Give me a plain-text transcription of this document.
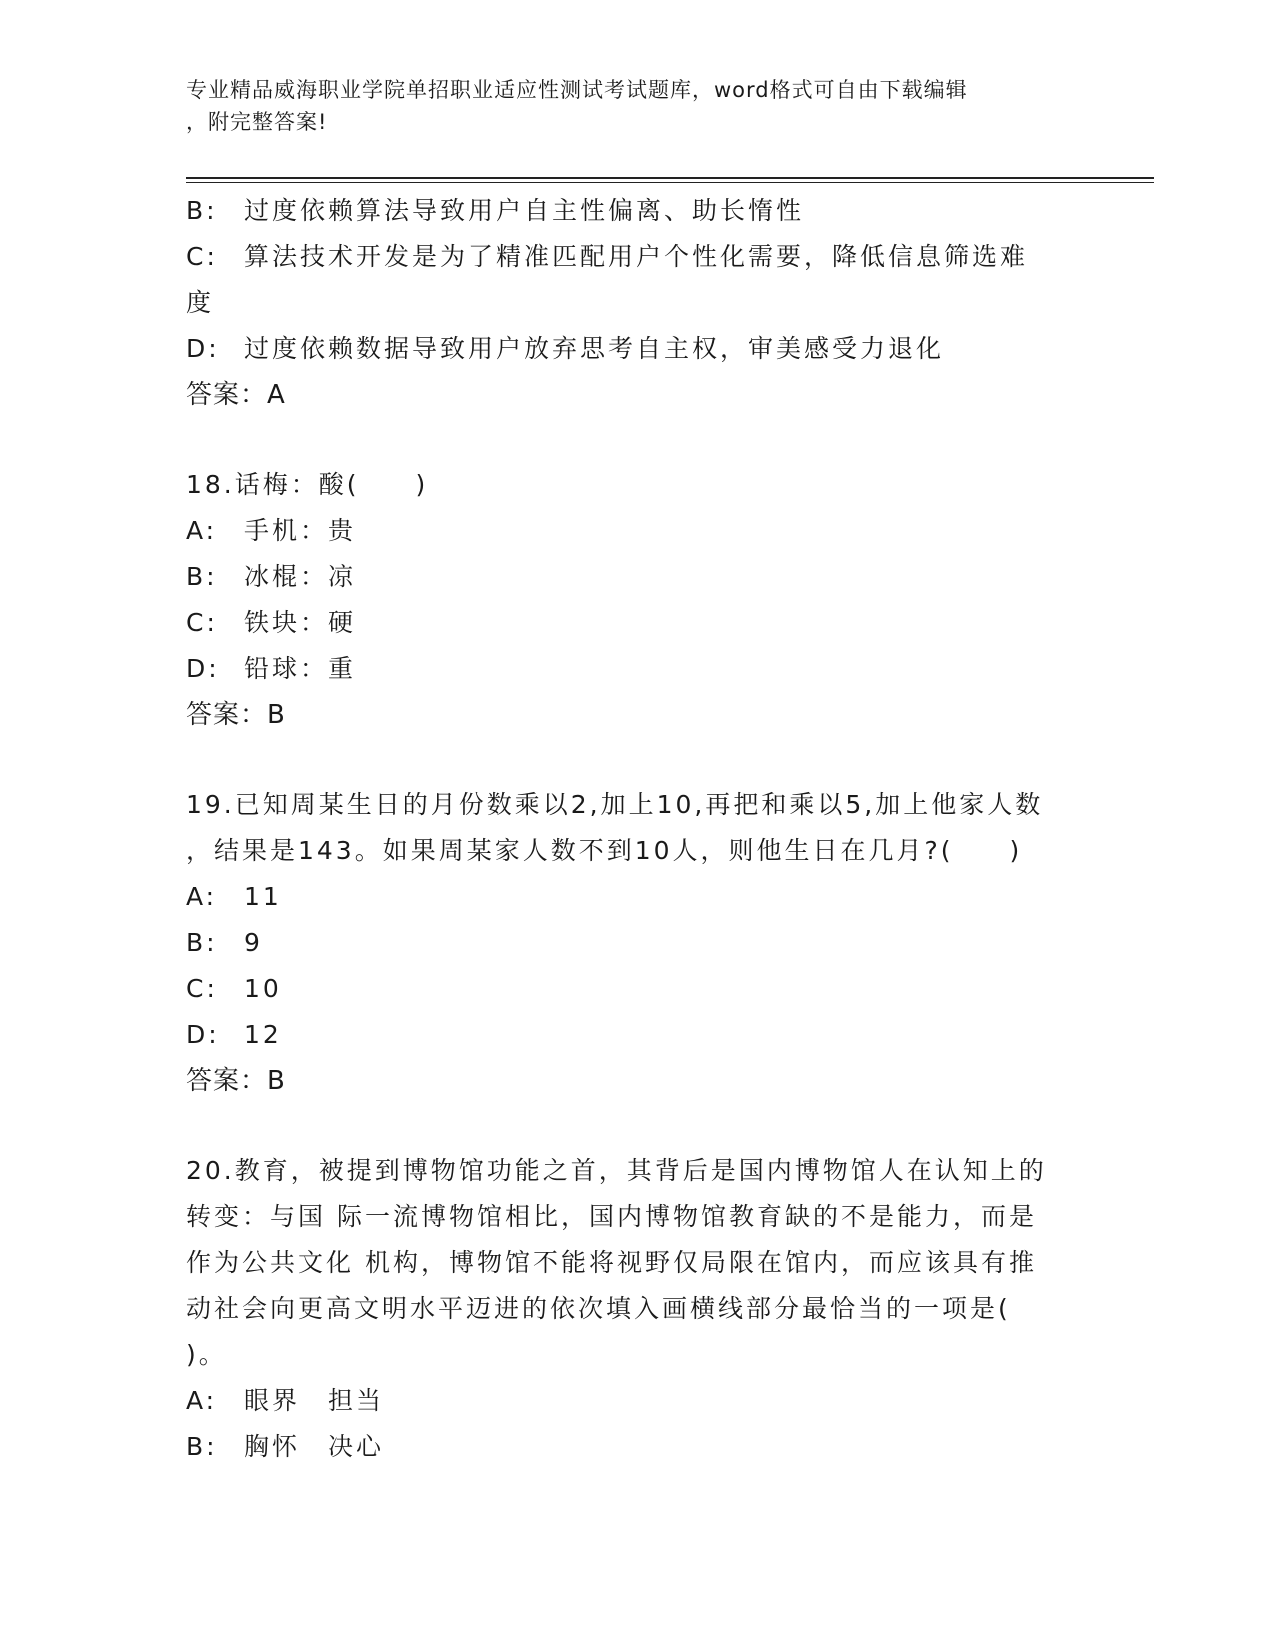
专业精品威海职业学院单招职业适应性测试考试题库，word格式可自由下载编辑
，附完整答案!
B: 过度依赖算法导致用户自主性偏离、助长惰性
C: 算法技术开发是为了精准匹配用户个性化需要，降低信息筛选难
度
D: 过度依赖数据导致用户放弃思考自主权，审美感受力退化
答案：A
18.话梅：酸(　　)
A: 手机：贵
B: 冰棍：凉
C: 铁块：硬
D: 铅球：重
答案：B
19.已知周某生日的月份数乘以2,加上10,再把和乘以5,加上他家人数
，结果是143。如果周某家人数不到10人，则他生日在几月?(　　)
A: 11
B: 9
C: 10
D: 12
答案：B
20.教育，被提到博物馆功能之首，其背后是国内博物馆人在认知上的
转变：与国 际一流博物馆相比，国内博物馆教育缺的不是能力，而是
作为公共文化 机构，博物馆不能将视野仅局限在馆内，而应该具有推
动社会向更高文明水平迈进的依次填入画横线部分最恰当的一项是(
)。
A: 眼界　担当
B: 胸怀　决心
